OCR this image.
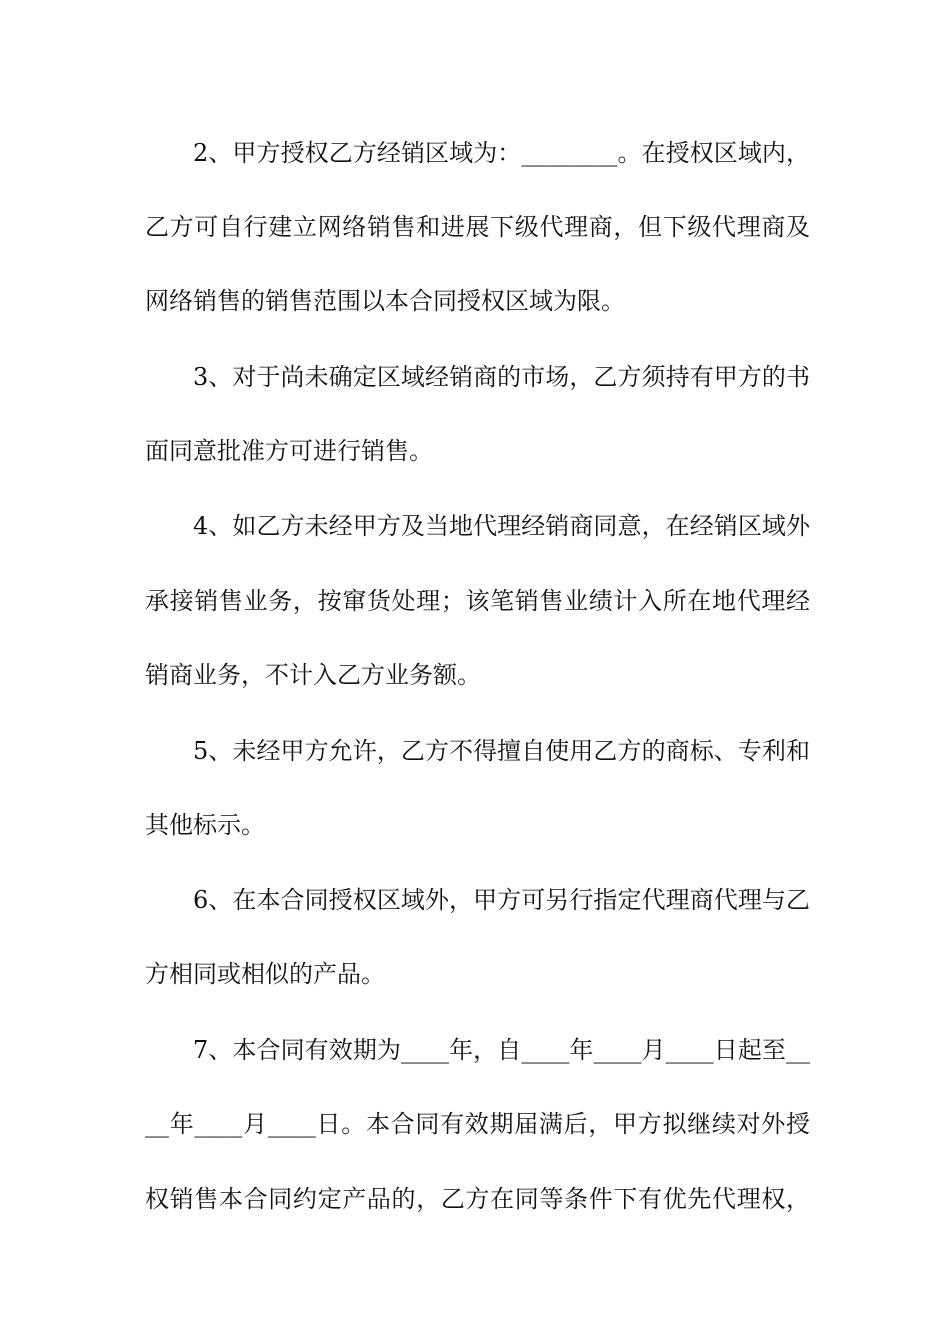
2、甲方授权乙方经销区域为：________。在授权区域内，
乙方可自行建立网络销售和进展下级代理商，但下级代理商及
网络销售的销售范围以本合同授权区域为限。
3、对于尚未确定区域经销商的市场，乙方须持有甲方的书
面同意批准方可进行销售。
4、如乙方未经甲方及当地代理经销商同意，在经销区域外
承接销售业务，按窜货处理；该笔销售业绩计入所在地代理经
销商业务，不计入乙方业务额。
5、未经甲方允许，乙方不得擅自使用乙方的商标、专利和
其他标示。
6、在本合同授权区域外，甲方可另行指定代理商代理与乙
方相同或相似的产品。
7、本合同有效期为____年，自____年____月____日起至__
__年____月____日。本合同有效期届满后，甲方拟继续对外授
权销售本合同约定产品的，乙方在同等条件下有优先代理权，
